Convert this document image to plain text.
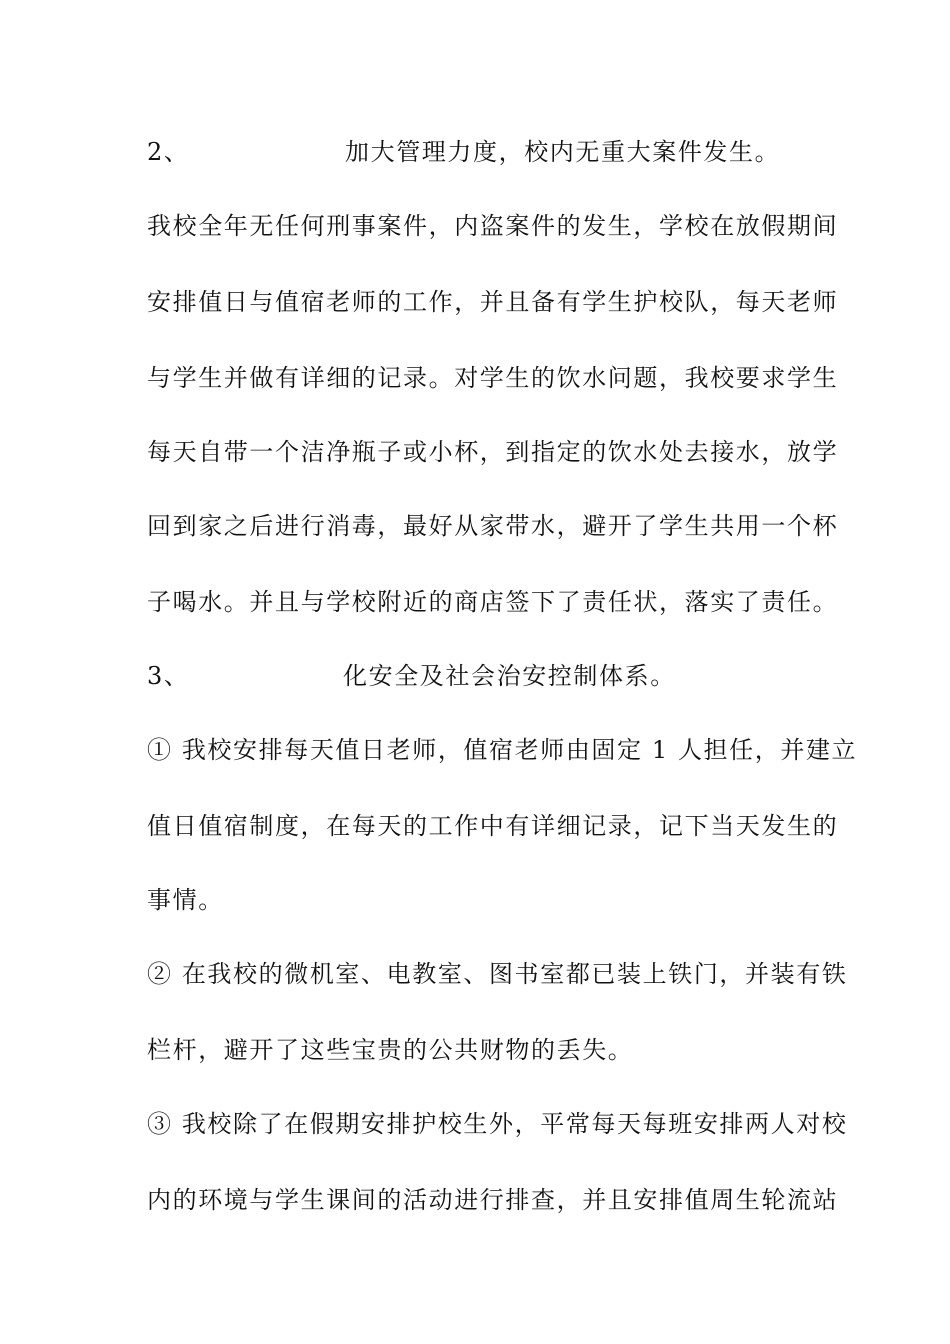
2、	加大管理力度，校内无重大案件发生。
我校全年无任何刑事案件，内盗案件的发生，学校在放假期间
安排值日与值宿老师的工作，并且备有学生护校队，每天老师
与学生并做有详细的记录。对学生的饮水问题，我校要求学生
每天自带一个洁净瓶子或小杯，到指定的饮水处去接水，放学
回到家之后进行消毒，最好从家带水，避开了学生共用一个杯
子喝水。并且与学校附近的商店签下了责任状，落实了责任。
3、	化安全及社会治安控制体系。
① 我校安排每天值日老师，值宿老师由固定 1 人担任，并建立
值日值宿制度，在每天的工作中有详细记录，记下当天发生的
事情。
② 在我校的微机室、电教室、图书室都已装上铁门，并装有铁
栏杆，避开了这些宝贵的公共财物的丢失。
③ 我校除了在假期安排护校生外，平常每天每班安排两人对校
内的环境与学生课间的活动进行排查，并且安排值周生轮流站
